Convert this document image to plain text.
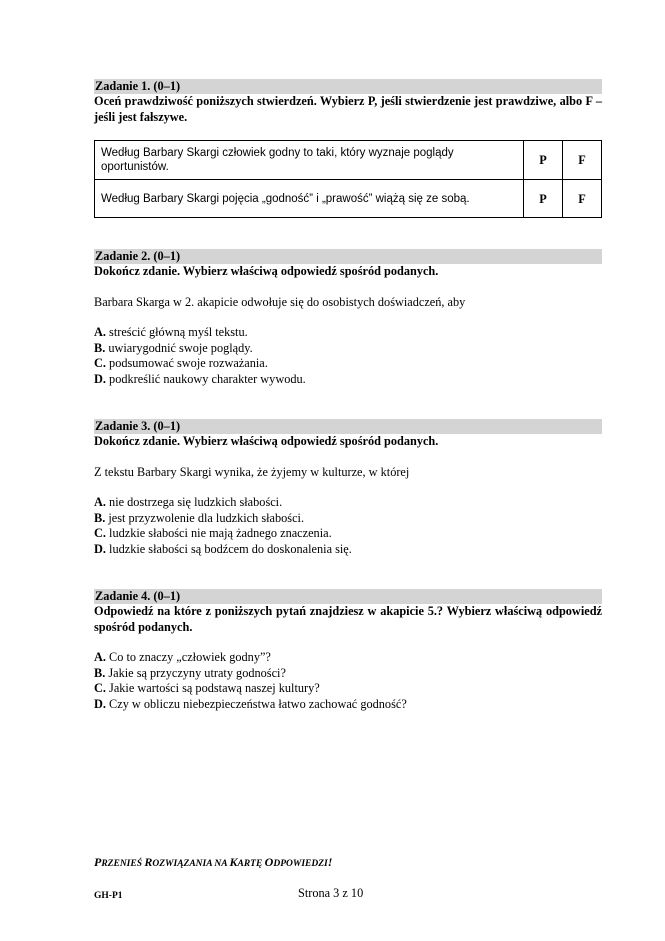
Zadanie 1. (0–1)
Oceń prawdziwość poniższych stwierdzeń. Wybierz P, jeśli stwierdzenie jest prawdziwe, albo F – jeśli jest fałszywe.
Według Barbary Skargi człowiek godny to taki, który wyznaje poglądy oportunistów.	P	F
Według Barbary Skargi pojęcia „godność” i „prawość” wiążą się ze sobą.	P	F
Zadanie 2. (0–1)
Dokończ zdanie. Wybierz właściwą odpowiedź spośród podanych.

Barbara Skarga w 2. akapicie odwołuje się do osobistych doświadczeń, aby

A. streścić główną myśl tekstu.
B. uwiarygodnić swoje poglądy.
C. podsumować swoje rozważania.
D. podkreślić naukowy charakter wywodu.
Zadanie 3. (0–1)
Dokończ zdanie. Wybierz właściwą odpowiedź spośród podanych.

Z tekstu Barbary Skargi wynika, że żyjemy w kulturze, w której

A. nie dostrzega się ludzkich słabości.
B. jest przyzwolenie dla ludzkich słabości.
C. ludzkie słabości nie mają żadnego znaczenia.
D. ludzkie słabości są bodźcem do doskonalenia się.
Zadanie 4. (0–1)
Odpowiedź na które z poniższych pytań znajdziesz w akapicie 5.? Wybierz właściwą odpowiedź spośród podanych.
A. Co to znaczy „człowiek godny”?
B. Jakie są przyczyny utraty godności?
C. Jakie wartości są podstawą naszej kultury?
D. Czy w obliczu niebezpieczeństwa łatwo zachować godność?
PRZENIEŚ ROZWIĄZANIA NA KARTĘ ODPOWIEDZI!
GH-P1	Strona 3 z 10
